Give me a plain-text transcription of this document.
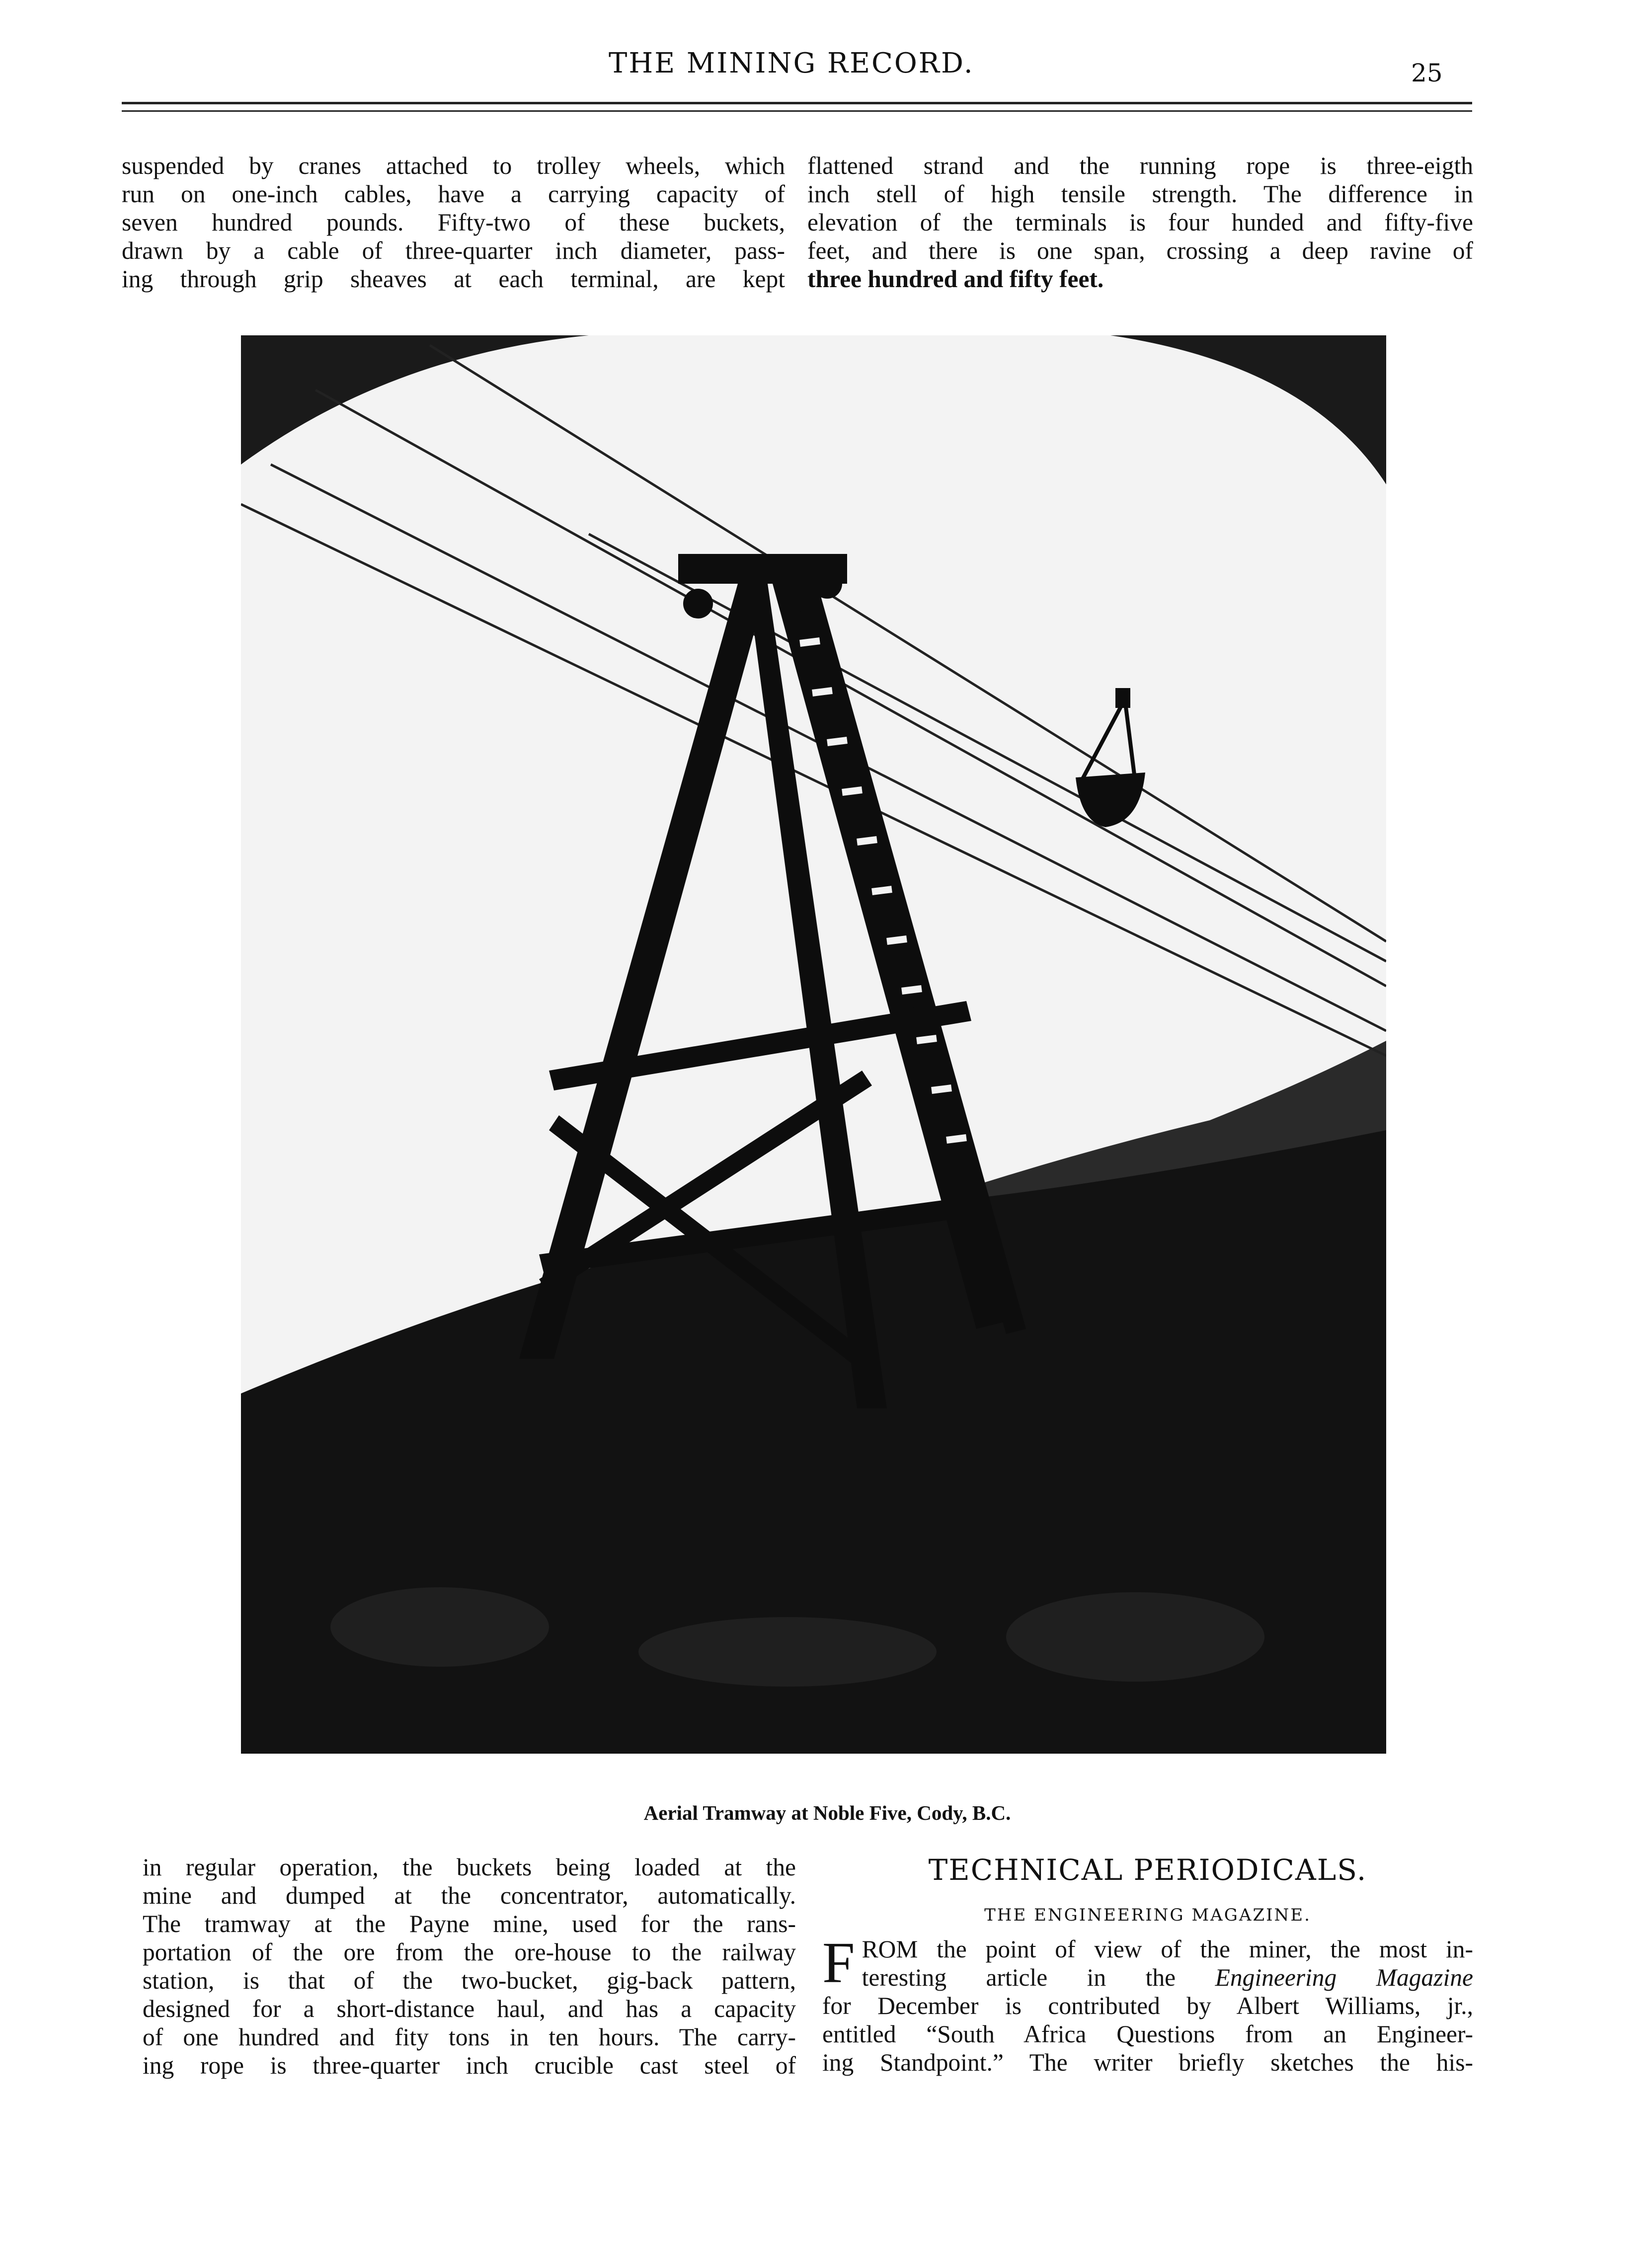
THE MINING RECORD.	25

suspended by cranes attached to trolley wheels, which

run on one-inch cables, have a carrying capacity of

seven hundred pounds. Fifty-two of these buckets,

drawn by a cable of three-quarter inch diameter, pass-

ing through grip sheaves at each terminal, are kept

flattened strand and the running rope is three-eigth

inch stell of high tensile strength. The difference in

elevation of the terminals is four hunded and fifty-five

feet, and there is one span, crossing a deep ravine of

three hundred and fifty feet.

Aerial Tramway at Noble Five, Cody, B.C.

in regular operation, the buckets being loaded at the

mine and dumped at the concentrator, automatically.

The tramway at the Payne mine, used for the rans-

portation of the ore from the ore-house to the railway

station, is that of the two-bucket, gig-back pattern,

designed for a short-distance haul, and has a capacity

of one hundred and fity tons in ten hours. The carry-

ing rope is three-quarter inch crucible cast steel of

TECHNICAL PERIODICALS.
THE ENGINEERING MAGAZINE.
F ROM the point of view of the miner, the most in-
teresting article in the Engineering Magazine
for December is contributed by Albert Williams, jr.,
entitled “South Africa Questions from an Engineer-
ing Standpoint.” The writer briefly sketches the his-
